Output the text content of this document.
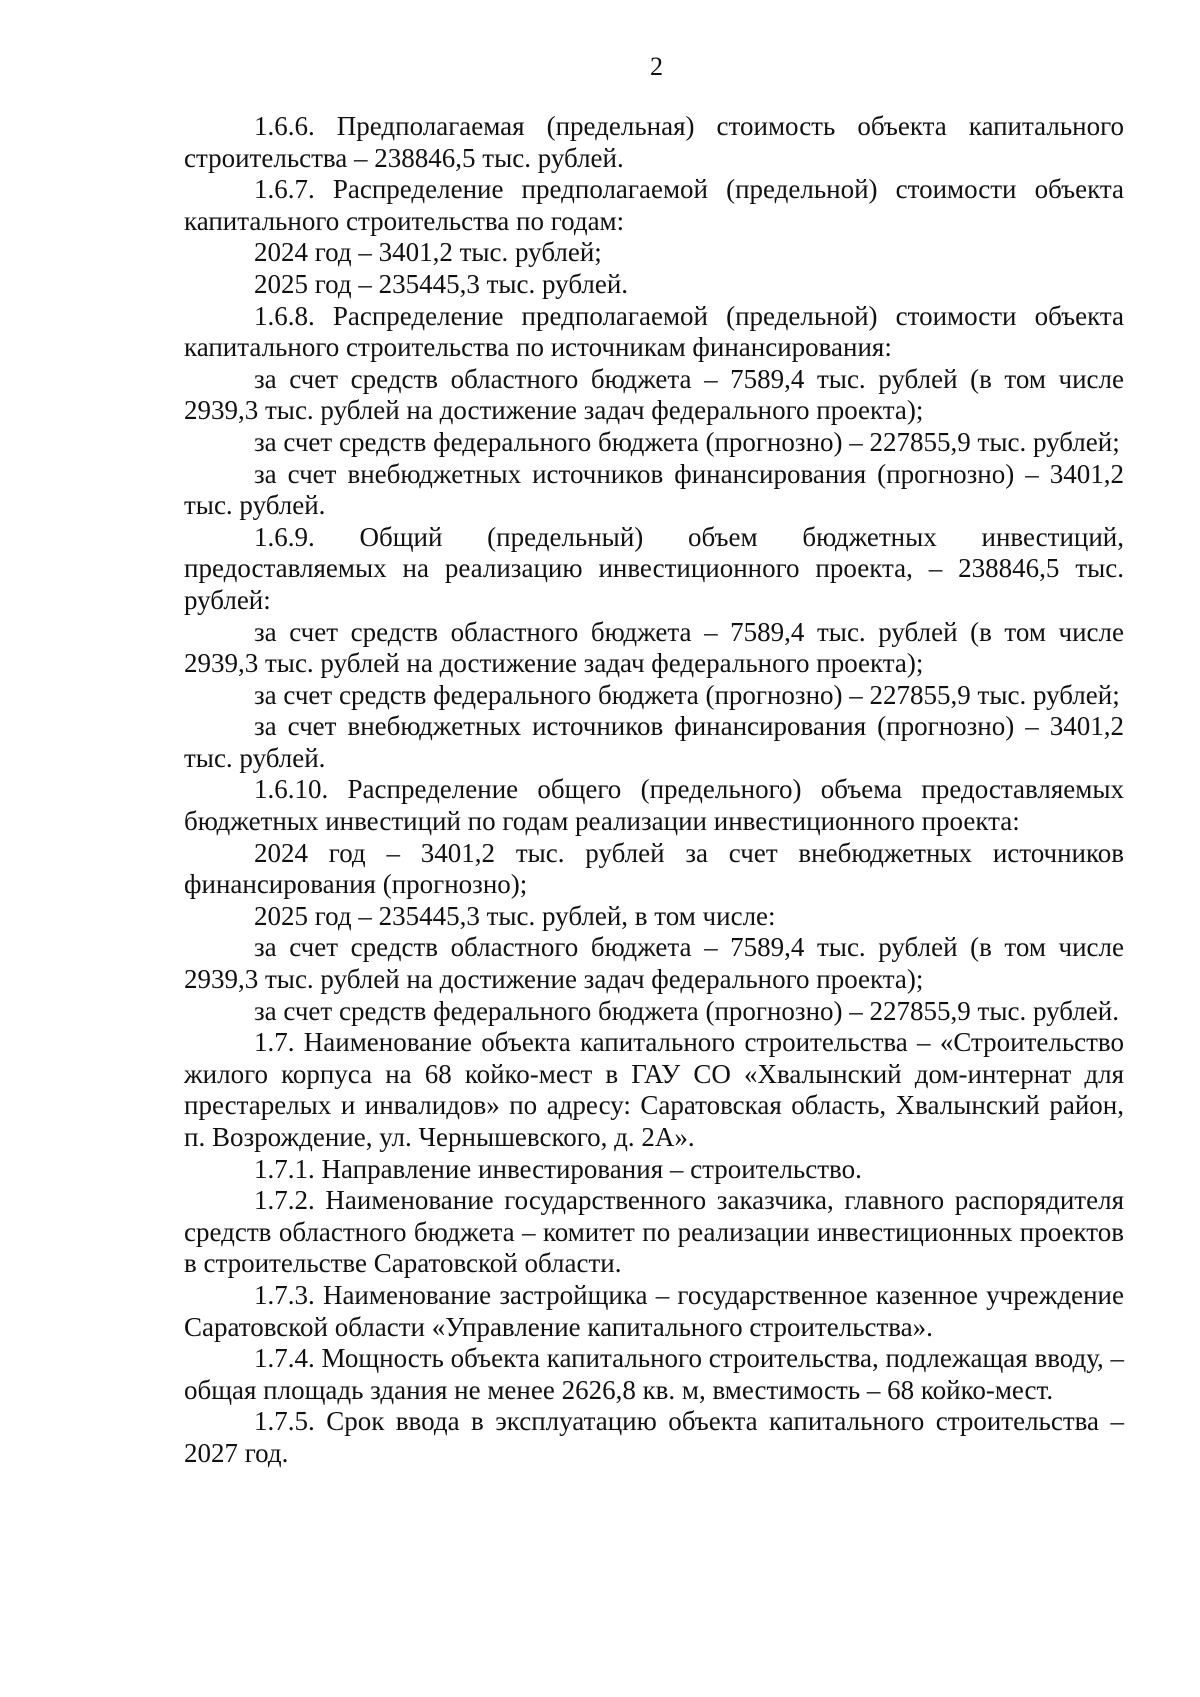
2

1.6.6. Предполагаемая (предельная) стоимость объекта капитального строительства – 238846,5 тыс. рублей.

1.6.7. Распределение предполагаемой (предельной) стоимости объекта капитального строительства по годам:

2024 год – 3401,2 тыс. рублей;

2025 год – 235445,3 тыс. рублей.

1.6.8. Распределение предполагаемой (предельной) стоимости объекта капитального строительства по источникам финансирования:

за счет средств областного бюджета – 7589,4 тыс. рублей (в том числе 2939,3 тыс. рублей на достижение задач федерального проекта);

за счет средств федерального бюджета (прогнозно) – 227855,9 тыс. рублей;

за счет внебюджетных источников финансирования (прогнозно) – 3401,2 тыс. рублей.

1.6.9. Общий (предельный) объем бюджетных инвестиций, предоставляемых на реализацию инвестиционного проекта, – 238846,5 тыс. рублей:

за счет средств областного бюджета – 7589,4 тыс. рублей (в том числе 2939,3 тыс. рублей на достижение задач федерального проекта);

за счет средств федерального бюджета (прогнозно) – 227855,9 тыс. рублей;

за счет внебюджетных источников финансирования (прогнозно) – 3401,2 тыс. рублей.

1.6.10. Распределение общего (предельного) объема предоставляемых бюджетных инвестиций по годам реализации инвестиционного проекта:

2024 год – 3401,2 тыс. рублей за счет внебюджетных источников финансирования (прогнозно);

2025 год – 235445,3 тыс. рублей, в том числе:

за счет средств областного бюджета – 7589,4 тыс. рублей (в том числе 2939,3 тыс. рублей на достижение задач федерального проекта);

за счет средств федерального бюджета (прогнозно) – 227855,9 тыс. рублей.

1.7. Наименование объекта капитального строительства – «Строительство жилого корпуса на 68 койко-мест в ГАУ СО «Хвалынский дом-интернат для престарелых и инвалидов» по адресу: Саратовская область, Хвалынский район, п. Возрождение, ул. Чернышевского, д. 2А».

1.7.1. Направление инвестирования – строительство.

1.7.2. Наименование государственного заказчика, главного распорядителя средств областного бюджета – комитет по реализации инвестиционных проектов в строительстве Саратовской области.

1.7.3. Наименование застройщика – государственное казенное учреждение Саратовской области «Управление капитального строительства».

1.7.4. Мощность объекта капитального строительства, подлежащая вводу, – общая площадь здания не менее 2626,8 кв. м, вместимость – 68 койко-мест.

1.7.5. Срок ввода в эксплуатацию объекта капитального строительства – 2027 год.
